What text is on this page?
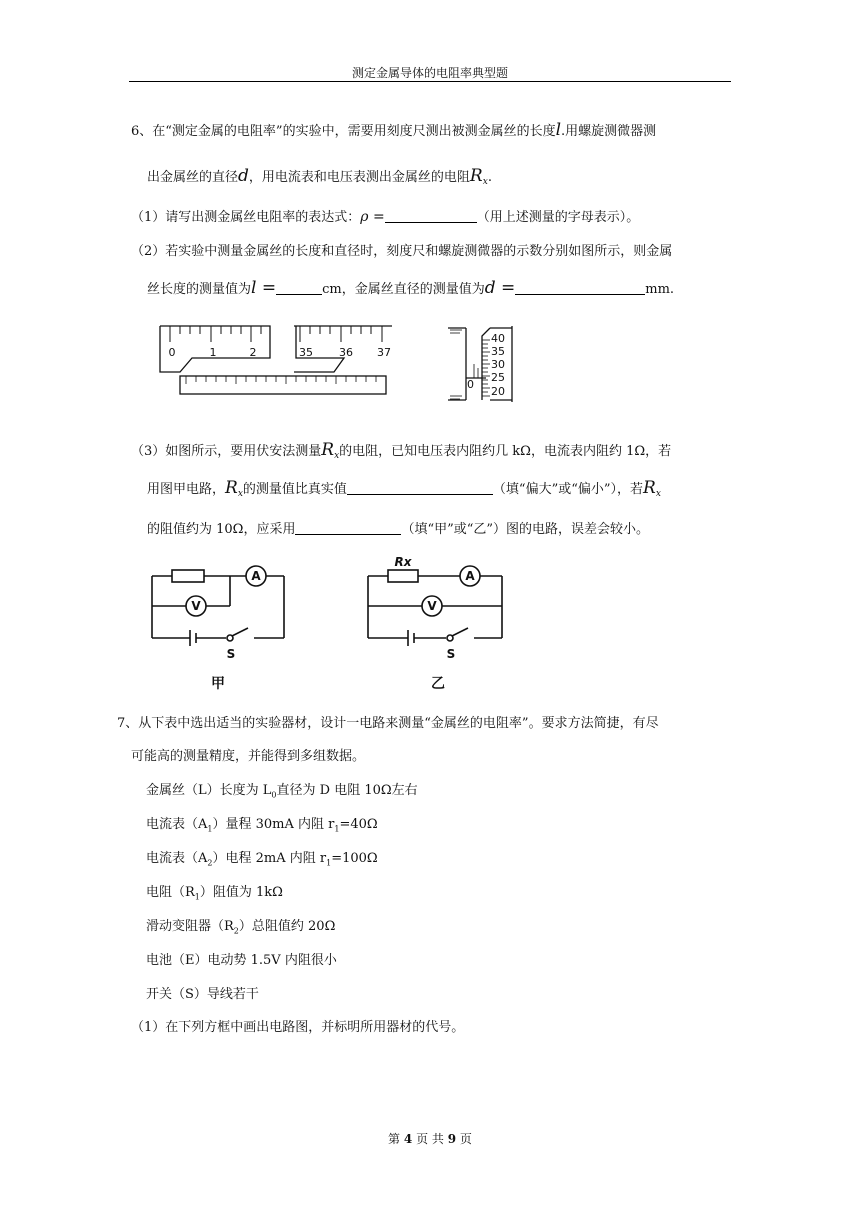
测定金属导体的电阻率典型题
6、在“测定金属的电阻率”的实验中，需要用刻度尺测出被测金属丝的长度l.用螺旋测微器测
出金属丝的直径d，用电流表和电压表测出金属丝的电阻$R_x$.
（1）请写出测金属丝电阻率的表达式：ρ =	（用上述测量的字母表示）。
（2）若实验中测量金属丝的长度和直径时，刻度尺和螺旋测微器的示数分别如图所示，则金属
丝长度的测量值为l =	cm，金属丝直径的测量值为d =	mm.
0	1	2	35 36 37
40
35
30
25
20
0
（3）如图所示，要用伏安法测量$R_x$的电阻，已知电压表内阻约几 kΩ，电流表内阻约 1Ω，若
用图甲电路，$R_x$的测量值比真实值	（填“偏大”或“偏小”），若$R_x$
的阻值约为 10Ω，应采用	（填“甲”或“乙”）图的电路，误差会较小。
A
V
S
甲
Rx
A
V
S
乙
7、从下表中选出适当的实验器材，设计一电路来测量“金属丝的电阻率”。要求方法简捷，有尽
可能高的测量精度，并能得到多组数据。
金属丝（L）长度为 $L_0$直径为 D 电阻 10Ω左右
电流表$(A_1)$量程 30mA 内阻 $r_1=40\Omega$
电流表$(A_2)$电程 2mA 内阻 $r_1=100\Omega$
电阻$(R_1)$阻值为 1kΩ
滑动变阻器$(R_2)$总阻值约 20Ω
电池（E）电动势 1.5V 内阻很小
开关（S）导线若干
（1）在下列方框中画出电路图，并标明所用器材的代号。
第 4 页 共 9 页
